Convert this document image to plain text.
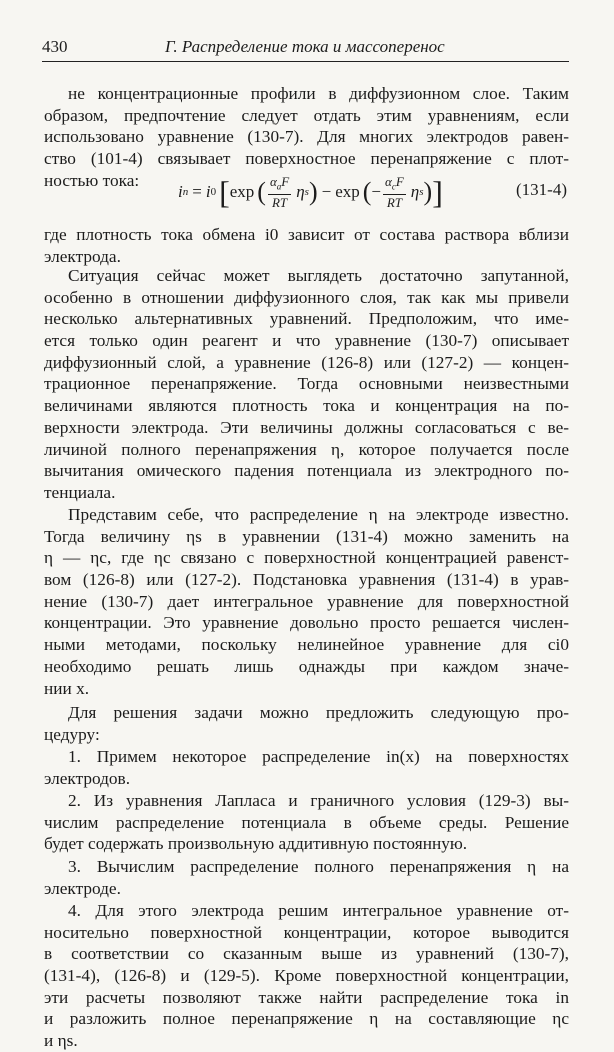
430	Г. Распределение тока и массоперенос
не концентрационные профили в диффузионном слое. Таким
образом, предпочтение следует отдать этим уравнениям, если
использовано уравнение (130-7). Для многих электродов равен-
ство (101-4) связывает поверхностное перенапряжение с плот-
ностью тока:
i n = i 0 [ exp ( $\frac{\alpha_aF}{RT}$ η s ) − exp ( − $\frac{\alpha_cF}{RT}$ η s ) ]	(131-4)
где плотность тока обмена i0 зависит от состава раствора вблизи
электрода.
Ситуация сейчас может выглядеть достаточно запутанной,
особенно в отношении диффузионного слоя, так как мы привели
несколько альтернативных уравнений. Предположим, что име-
ется только один реагент и что уравнение (130-7) описывает
диффузионный слой, а уравнение (126-8) или (127-2) — концен-
трационное перенапряжение. Тогда основными неизвестными
величинами являются плотность тока и концентрация на по-
верхности электрода. Эти величины должны согласоваться с ве-
личиной полного перенапряжения η, которое получается после
вычитания омического падения потенциала из электродного по-
тенциала.
Представим себе, что распределение η на электроде известно.
Тогда величину ηs в уравнении (131-4) можно заменить на
η — ηc, где ηc связано с поверхностной концентрацией равенст-
вом (126-8) или (127-2). Подстановка уравнения (131-4) в урав-
нение (130-7) дает интегральное уравнение для поверхностной
концентрации. Это уравнение довольно просто решается числен-
ными методами, поскольку нелинейное уравнение для ci0
необходимо решать лишь однажды при каждом значе-
нии x.
Для решения задачи можно предложить следующую про-
цедуру:
1. Примем некоторое распределение in(x) на поверхностях
электродов.
2. Из уравнения Лапласа и граничного условия (129-3) вы-
числим распределение потенциала в объеме среды. Решение
будет содержать произвольную аддитивную постоянную.
3. Вычислим распределение полного перенапряжения η на
электроде.
4. Для этого электрода решим интегральное уравнение от-
носительно поверхностной концентрации, которое выводится
в соответствии со сказанным выше из уравнений (130-7),
(131-4), (126-8) и (129-5). Кроме поверхностной концентрации,
эти расчеты позволяют также найти распределение тока in
и разложить полное перенапряжение η на составляющие ηc
и ηs.
